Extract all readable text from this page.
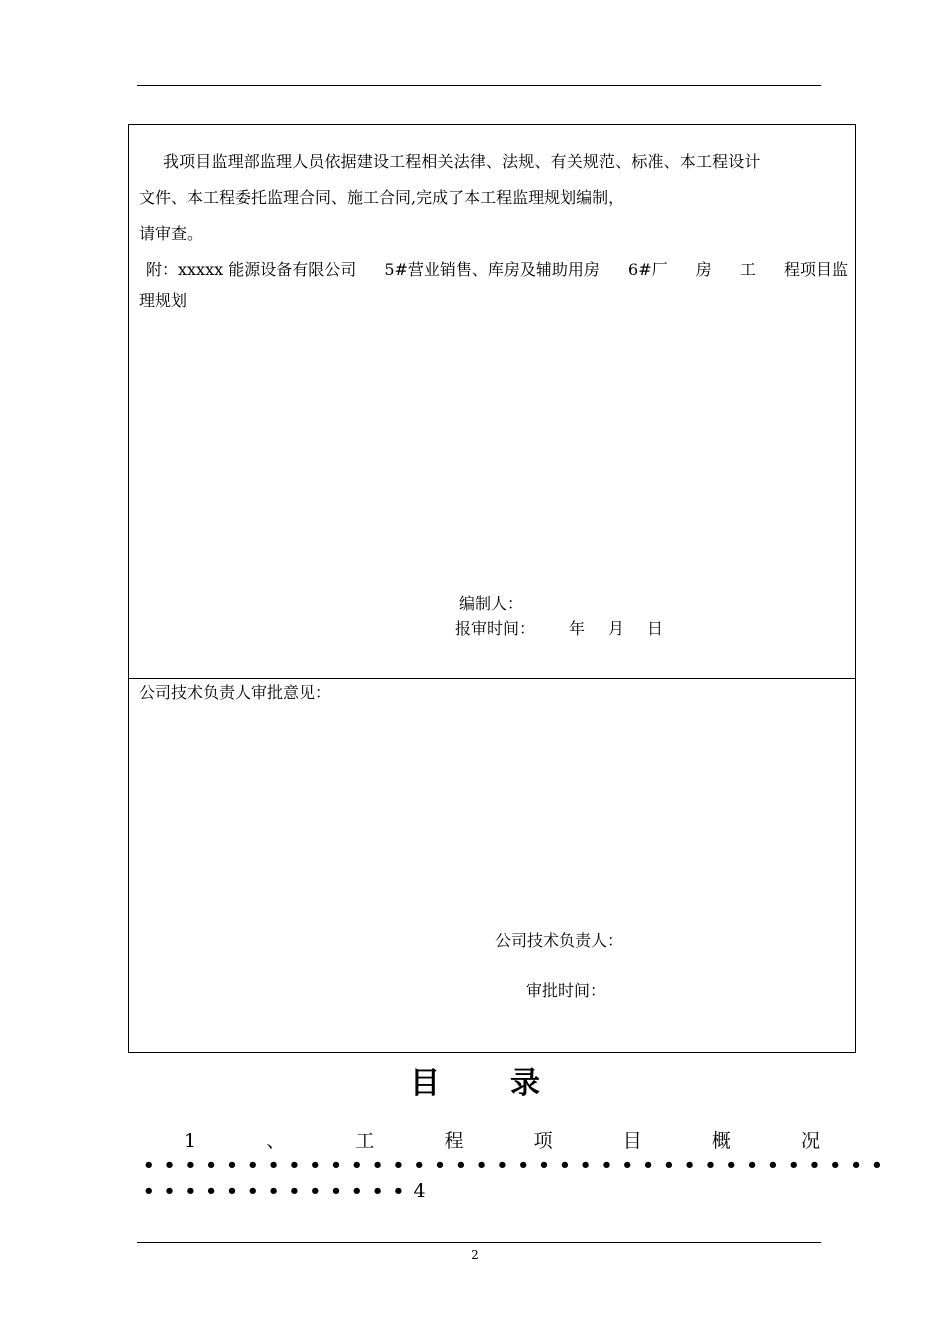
我项目监理部监理人员依据建设工程相关法律、法规、有关规范、标准、本工程设计
文件、本工程委托监理合同、施工合同,完成了本工程监理规划编制，
请审查。
附：xxxxx 能源设备有限公司 5#营业销售、库房及辅助用房 6#厂 房 工 程项目监
理规划
编制人：
报审时间： 年 月 日
公司技术负责人审批意见：
公司技术负责人：
审批时间：
目 录
1	、	工	程	项	目	概	况
••••••••••••••••••••••••••••••••••••
•••••••••••••4
2
